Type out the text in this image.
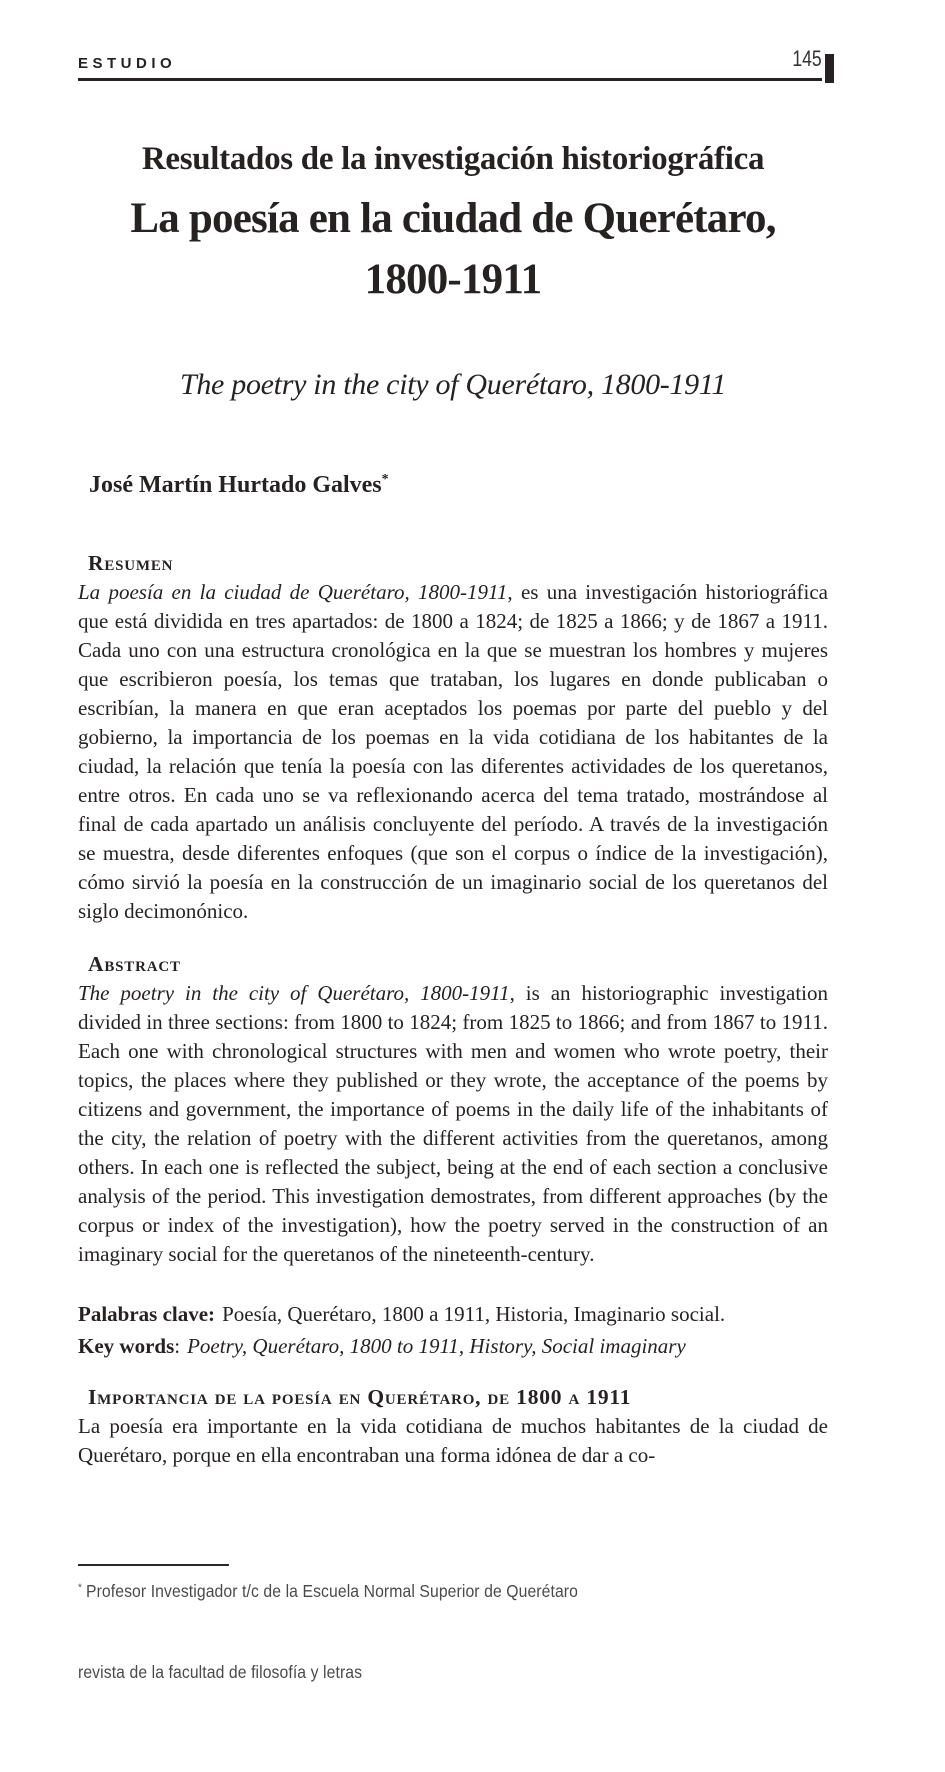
ESTUDIO	145
Resultados de la investigación historiográfica
La poesía en la ciudad de Querétaro,
1800-1911
The poetry in the city of Querétaro, 1800-1911
José Martín Hurtado Galves*
Resumen

La poesía en la ciudad de Querétaro, 1800-1911, es una investigación historiográfica que está dividida en tres apartados: de 1800 a 1824; de 1825 a 1866; y de 1867 a 1911. Cada uno con una estructura cronológica en la que se muestran los hombres y mujeres que escribieron poesía, los temas que trataban, los lugares en donde publicaban o escribían, la manera en que eran aceptados los poemas por parte del pueblo y del gobierno, la importancia de los poemas en la vida cotidiana de los habitantes de la ciudad, la relación que tenía la poesía con las diferentes actividades de los queretanos, entre otros. En cada uno se va reflexionando acerca del tema tratado, mostrándose al final de cada apartado un análisis concluyente del período. A través de la investigación se muestra, desde diferentes enfoques (que son el corpus o índice de la investigación), cómo sirvió la poesía en la construcción de un imaginario social de los queretanos del siglo decimonónico.

Abstract

The poetry in the city of Querétaro, 1800-1911, is an historiographic investigation divided in three sections: from 1800 to 1824; from 1825 to 1866; and from 1867 to 1911. Each one with chronological structures with men and women who wrote poetry, their topics, the places where they published or they wrote, the acceptance of the poems by citizens and government, the importance of poems in the daily life of the inhabitants of the city, the relation of poetry with the different activities from the queretanos, among others. In each one is reflected the subject, being at the end of each section a conclusive analysis of the period. This investigation demostrates, from different approaches (by the corpus or index of the investigation), how the poetry served in the construction of an imaginary social for the queretanos of the nineteenth-century.

Palabras clave: Poesía, Querétaro, 1800 a 1911, Historia, Imaginario social.

Key words: Poetry, Querétaro, 1800 to 1911, History, Social imaginary

Importancia de la poesía en Querétaro, de 1800 a 1911

La poesía era importante en la vida cotidiana de muchos habitantes de la ciudad de Querétaro, porque en ella encontraban una forma idónea de dar a co-

* Profesor Investigador t/c de la Escuela Normal Superior de Querétaro
revista de la facultad de filosofía y letras
